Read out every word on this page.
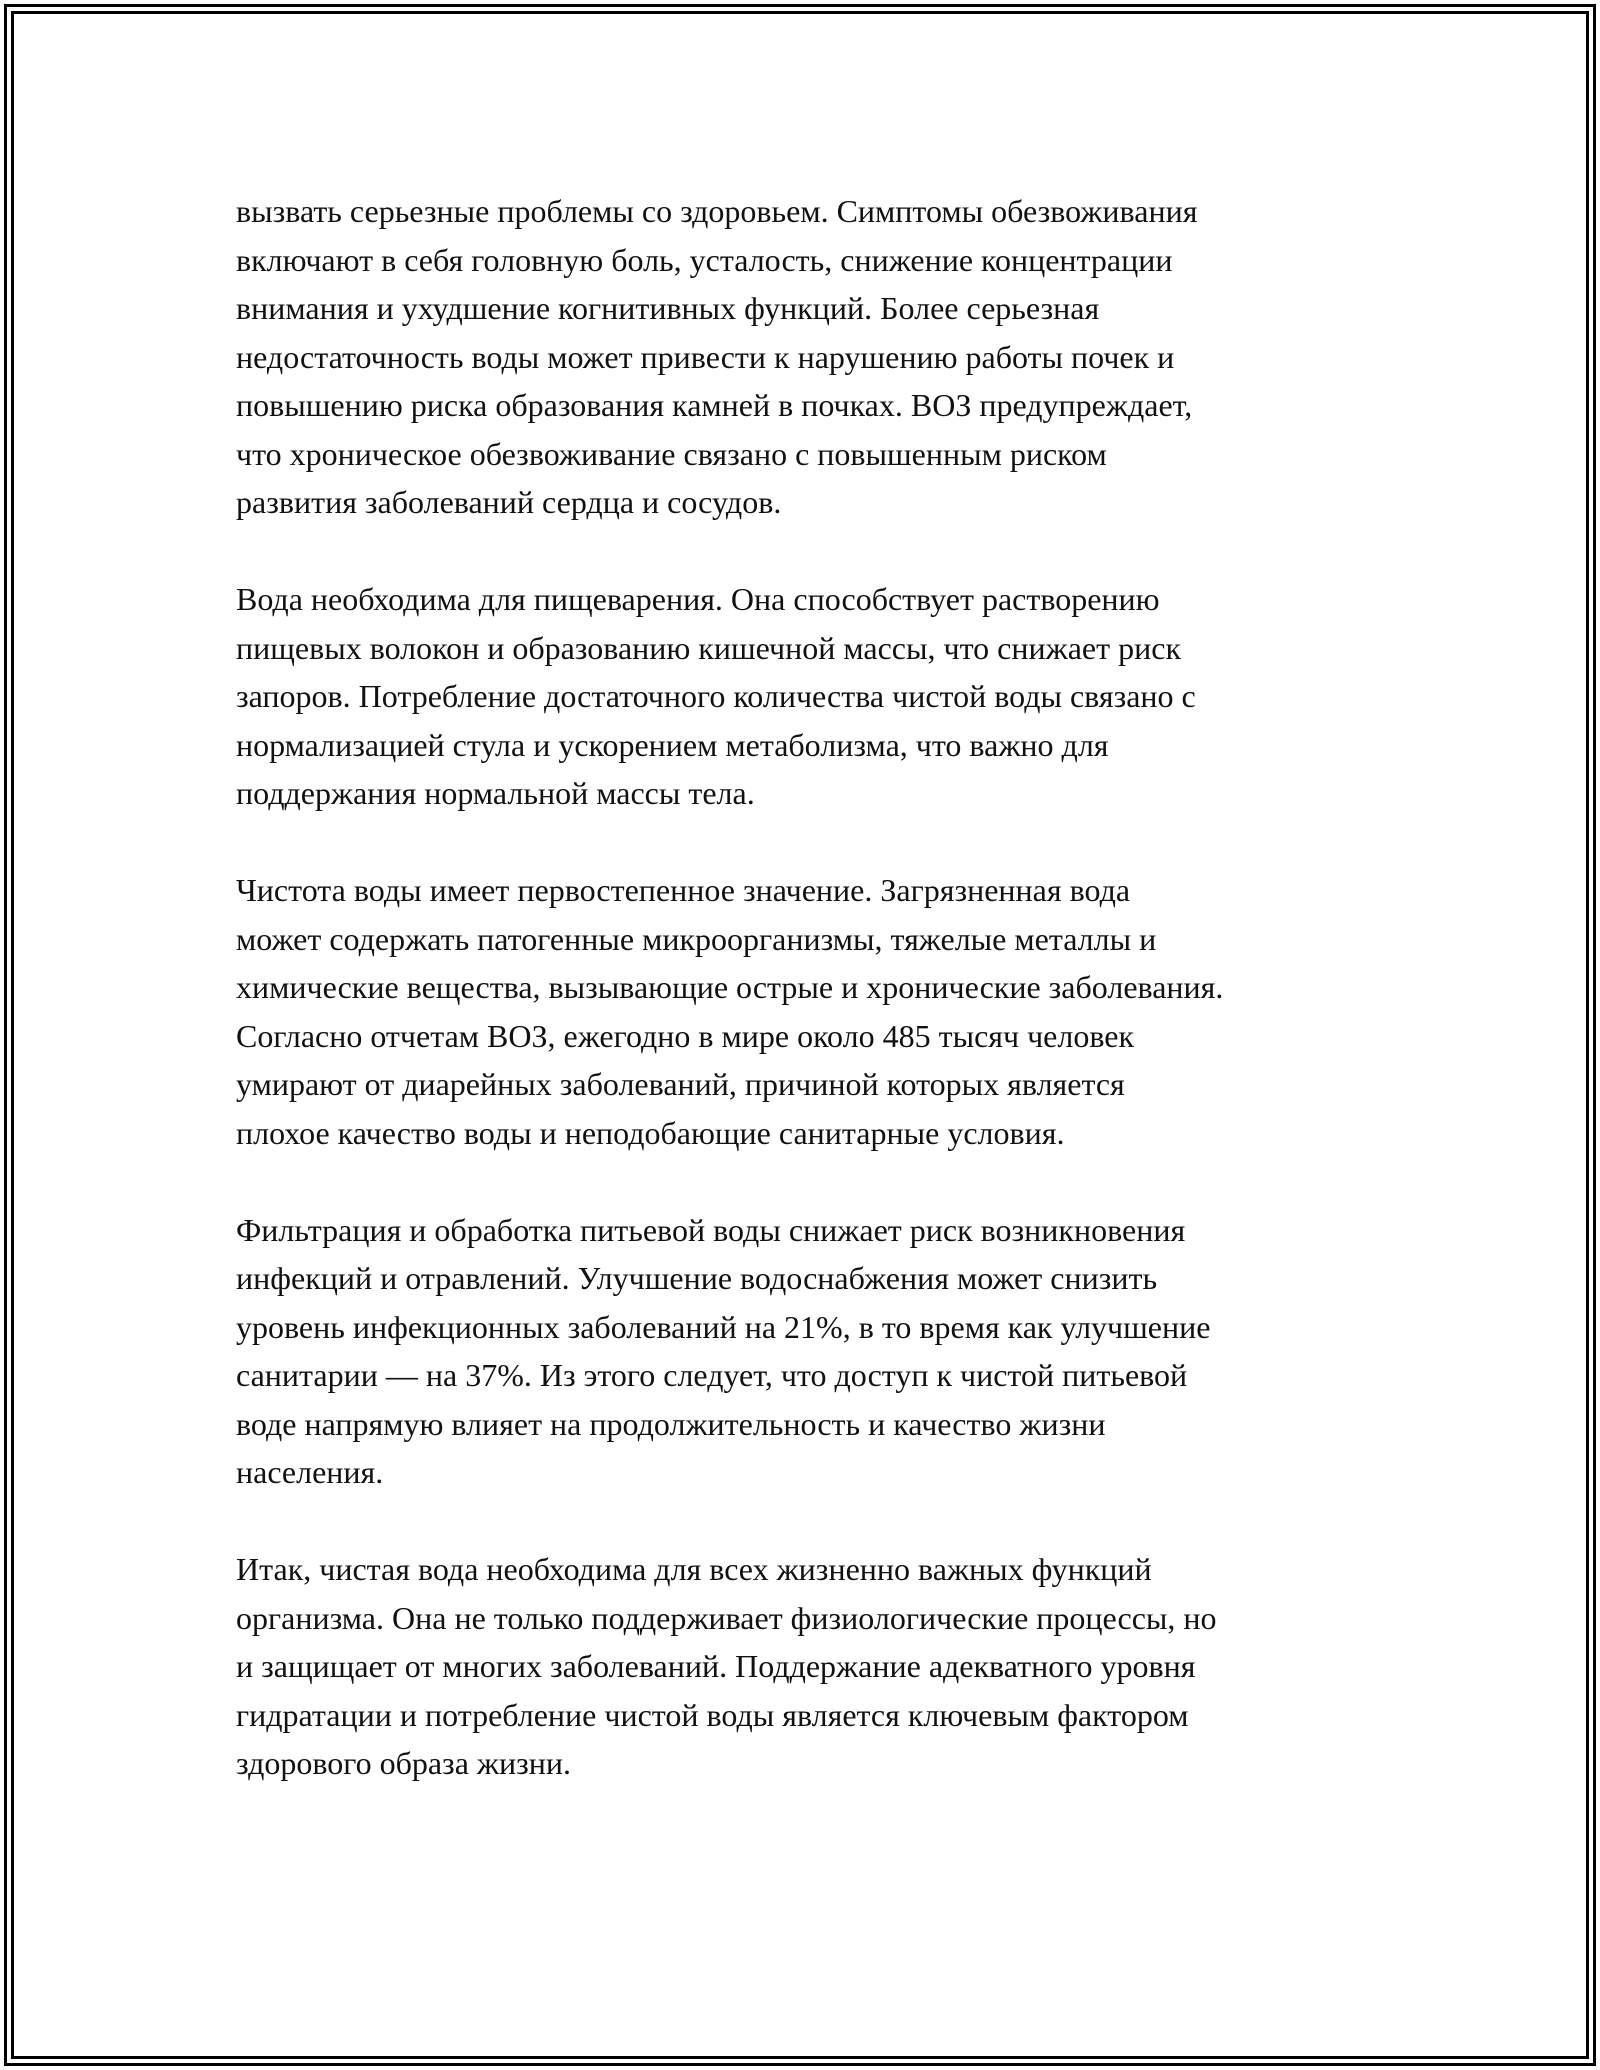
вызвать серьезные проблемы со здоровьем. Симптомы обезвоживания
включают в себя головную боль, усталость, снижение концентрации
внимания и ухудшение когнитивных функций. Более серьезная
недостаточность воды может привести к нарушению работы почек и
повышению риска образования камней в почках. ВОЗ предупреждает,
что хроническое обезвоживание связано с повышенным риском
развития заболеваний сердца и сосудов.

Вода необходима для пищеварения. Она способствует растворению
пищевых волокон и образованию кишечной массы, что снижает риск
запоров. Потребление достаточного количества чистой воды связано с
нормализацией стула и ускорением метаболизма, что важно для
поддержания нормальной массы тела.

Чистота воды имеет первостепенное значение. Загрязненная вода
может содержать патогенные микроорганизмы, тяжелые металлы и
химические вещества, вызывающие острые и хронические заболевания.
Согласно отчетам ВОЗ, ежегодно в мире около 485 тысяч человек
умирают от диарейных заболеваний, причиной которых является
плохое качество воды и неподобающие санитарные условия.

Фильтрация и обработка питьевой воды снижает риск возникновения
инфекций и отравлений. Улучшение водоснабжения может снизить
уровень инфекционных заболеваний на 21%, в то время как улучшение
санитарии — на 37%. Из этого следует, что доступ к чистой питьевой
воде напрямую влияет на продолжительность и качество жизни
населения.

Итак, чистая вода необходима для всех жизненно важных функций
организма. Она не только поддерживает физиологические процессы, но
и защищает от многих заболеваний. Поддержание адекватного уровня
гидратации и потребление чистой воды является ключевым фактором
здорового образа жизни.
